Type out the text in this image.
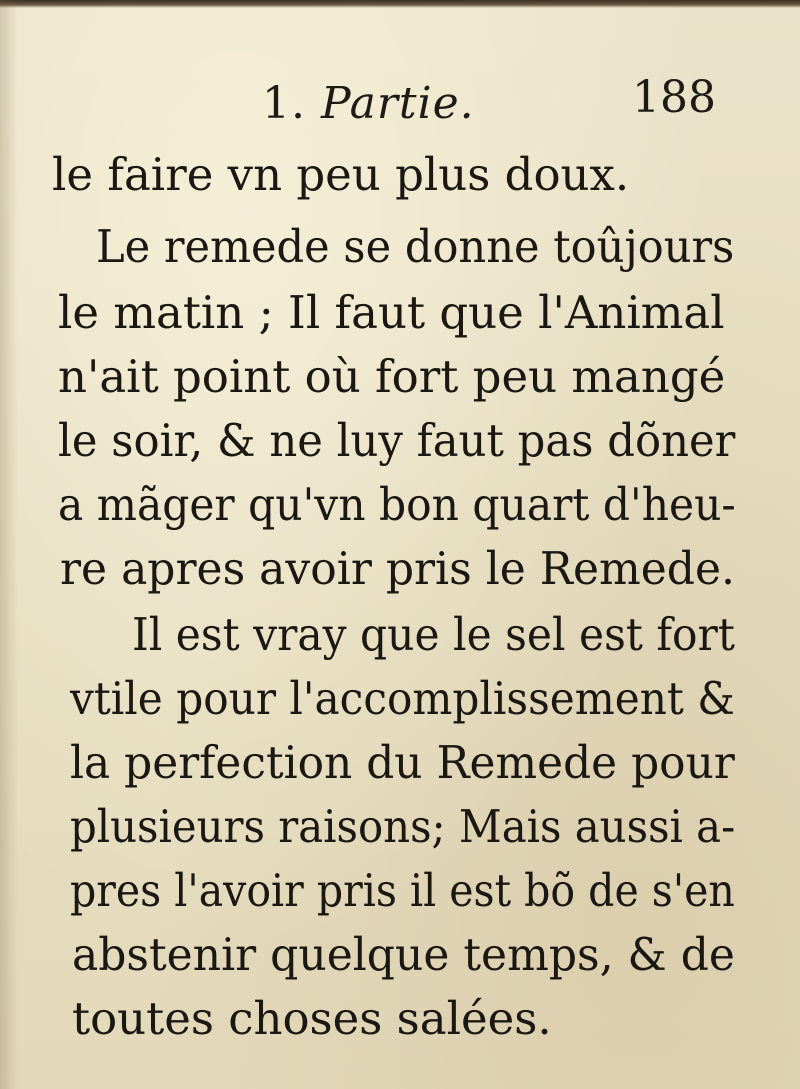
1. Partie.	188
le faire vn peu plus doux.
Le remede se donne toûjours
le matin ; Il faut que l'Animal
n'ait point où fort peu mangé
le soir, & ne luy faut pas dõner
a mãger qu'vn bon quart d'heu-
re apres avoir pris le Remede.
Il est vray que le sel est fort
vtile pour l'accomplissement &
la perfection du Remede pour
plusieurs raisons; Mais aussi a-
pres l'avoir pris il est bõ de s'en
abstenir quelque temps, & de
toutes choses salées.
